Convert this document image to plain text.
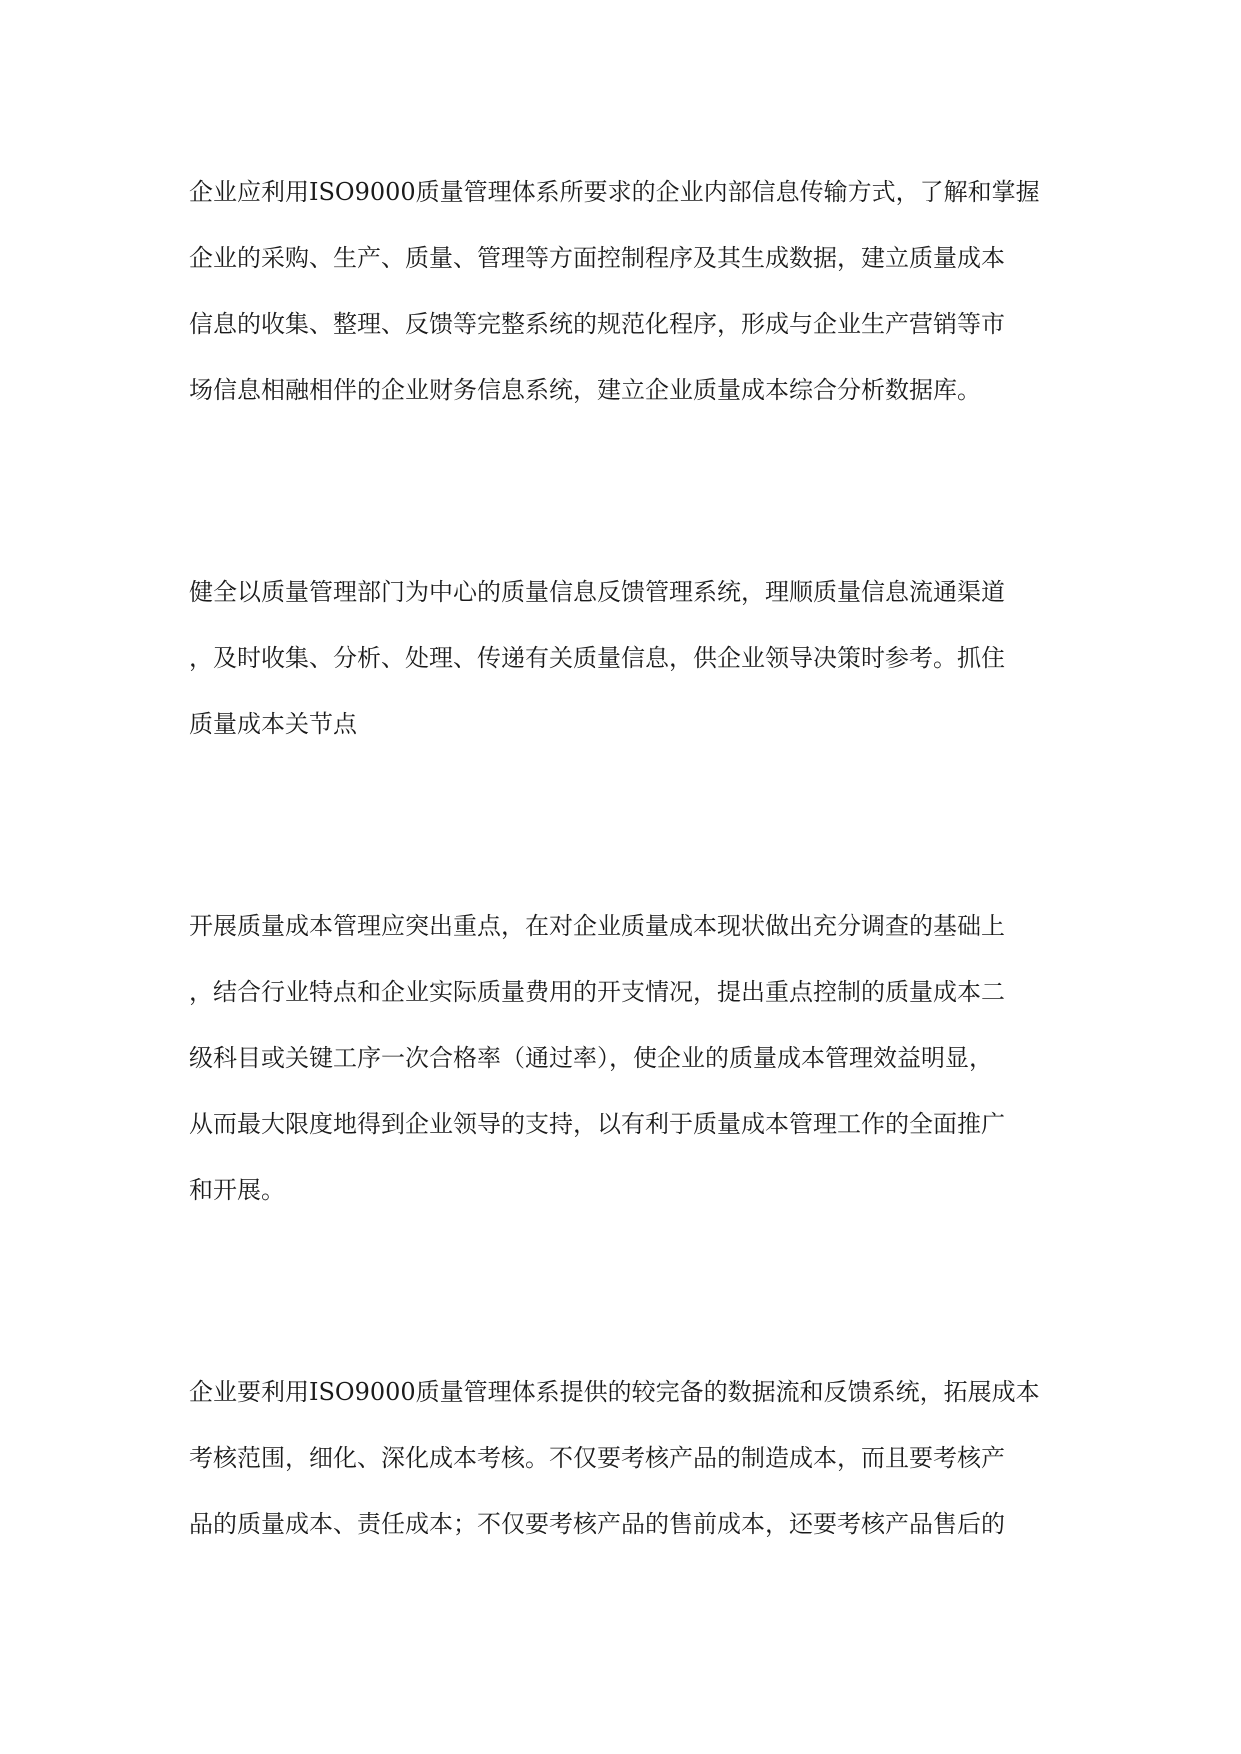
企业应利用ISO9000质量管理体系所要求的企业内部信息传输方式，了解和掌握
企业的采购、生产、质量、管理等方面控制程序及其生成数据，建立质量成本
信息的收集、整理、反馈等完整系统的规范化程序，形成与企业生产营销等市
场信息相融相伴的企业财务信息系统，建立企业质量成本综合分析数据库。
健全以质量管理部门为中心的质量信息反馈管理系统，理顺质量信息流通渠道
，及时收集、分析、处理、传递有关质量信息，供企业领导决策时参考。抓住
质量成本关节点
开展质量成本管理应突出重点，在对企业质量成本现状做出充分调查的基础上
，结合行业特点和企业实际质量费用的开支情况，提出重点控制的质量成本二
级科目或关键工序一次合格率（通过率），使企业的质量成本管理效益明显，
从而最大限度地得到企业领导的支持，以有利于质量成本管理工作的全面推广
和开展。
企业要利用ISO9000质量管理体系提供的较完备的数据流和反馈系统，拓展成本
考核范围，细化、深化成本考核。不仅要考核产品的制造成本，而且要考核产
品的质量成本、责任成本；不仅要考核产品的售前成本，还要考核产品售后的
